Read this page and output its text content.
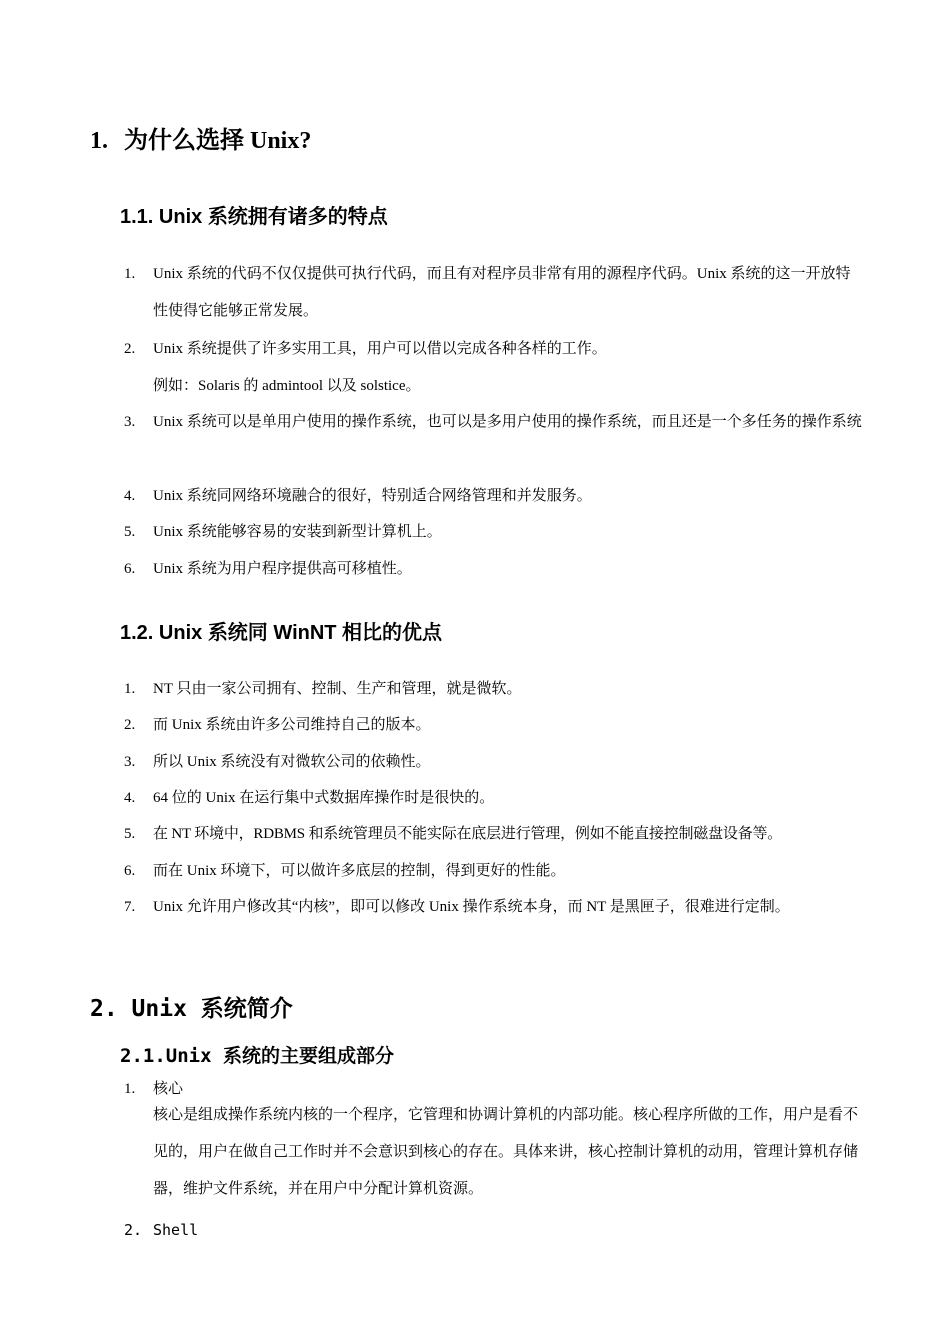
1. 为什么选择 Unix?
1.1. Unix 系统拥有诸多的特点
1. Unix 系统的代码不仅仅提供可执行代码，而且有对程序员非常有用的源程序代码。Unix 系统的这一开放特性使得它能够正常发展。
2. Unix 系统提供了许多实用工具，用户可以借以完成各种各样的工作。
例如：Solaris 的 admintool 以及 solstice。
3. Unix 系统可以是单用户使用的操作系统，也可以是多用户使用的操作系统，而且还是一个多任务的操作系统
4. Unix 系统同网络环境融合的很好，特别适合网络管理和并发服务。
5. Unix 系统能够容易的安装到新型计算机上。
6. Unix 系统为用户程序提供高可移植性。
1.2. Unix 系统同 WinNT 相比的优点
1. NT 只由一家公司拥有、控制、生产和管理，就是微软。
2. 而 Unix 系统由许多公司维持自己的版本。
3. 所以 Unix 系统没有对微软公司的依赖性。
4. 64 位的 Unix 在运行集中式数据库操作时是很快的。
5. 在 NT 环境中，RDBMS 和系统管理员不能实际在底层进行管理，例如不能直接控制磁盘设备等。
6. 而在 Unix 环境下，可以做许多底层的控制，得到更好的性能。
7. Unix 允许用户修改其“内核”，即可以修改 Unix 操作系统本身，而 NT 是黑匣子，很难进行定制。
2. Unix 系统简介
2.1.Unix 系统的主要组成部分
1. 核心
核心是组成操作系统内核的一个程序，它管理和协调计算机的内部功能。核心程序所做的工作，用户是看不见的，用户在做自己工作时并不会意识到核心的存在。具体来讲，核心控制计算机的动用，管理计算机存储器，维护文件系统，并在用户中分配计算机资源。
2. Shell
